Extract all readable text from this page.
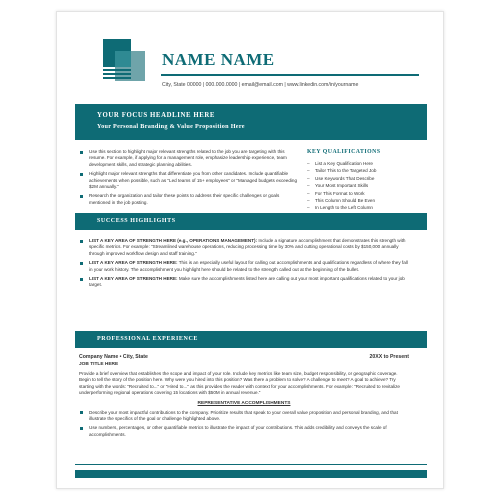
NAME NAME
City, State 00000 | 000.000.0000 | email@email.com | www.linkedin.com/in/yourname
YOUR FOCUS HEADLINE HERE
Your Personal Branding & Value Proposition Here
Use this section to highlight major relevant strengths related to the job you are targeting with this resume. For example, if applying for a management role, emphasize leadership experience, team development skills, and strategic planning abilities.
Highlight major relevant strengths that differentiate you from other candidates. Include quantifiable achievements when possible, such as "Led teams of 15+ employees" or "Managed budgets exceeding $2M annually."
Research the organization and tailor these points to address their specific challenges or goals mentioned in the job posting.
KEY QUALIFICATIONS
– List a Key Qualification Here
– Tailor This to the Targeted Job
– Use Keywords That Describe
– Your Most Important Skills
– For This Format to Work
– This Column Should Be Even
– In Length to the Left Column
SUCCESS HIGHLIGHTS
LIST A KEY AREA OF STRENGTH HERE (e.g., OPERATIONS MANAGEMENT): Include a signature accomplishment that demonstrates this strength with specific metrics. For example: "Streamlined warehouse operations, reducing processing time by 30% and cutting operational costs by $150,000 annually through improved workflow design and staff training."
LIST A KEY AREA OF STRENGTH HERE: This is an especially useful layout for calling out accomplishments and qualifications regardless of where they fall in your work history. The accomplishment you highlight here should be related to the strength called out at the beginning of the bullet.
LIST A KEY AREA OF STRENGTH HERE: Make sure the accomplishments listed here are calling out your most important qualifications related to your job target.
PROFESSIONAL EXPERIENCE
Company Name • City, State	20XX to Present
JOB TITLE HERE
Provide a brief overview that establishes the scope and impact of your role. Include key metrics like team size, budget responsibility, or geographic coverage. Begin to tell the story of the position here. Why were you hired into this position? Was there a problem to solve? A challenge to meet? A goal to achieve? Try starting with the words: "Recruited to..." or "Hired to..." as this provides the reader with context for your accomplishments. For example: "Recruited to revitalize underperforming regional operations covering 15 locations with $50M in annual revenue."
REPRESENTATIVE ACCOMPLISHMENTS
Describe your most impactful contributions to the company. Prioritize results that speak to your overall value proposition and personal branding, and that illustrate the specifics of the goal or challenge highlighted above.
Use numbers, percentages, or other quantifiable metrics to illustrate the impact of your contributions. This adds credibility and conveys the scale of accomplishments.
